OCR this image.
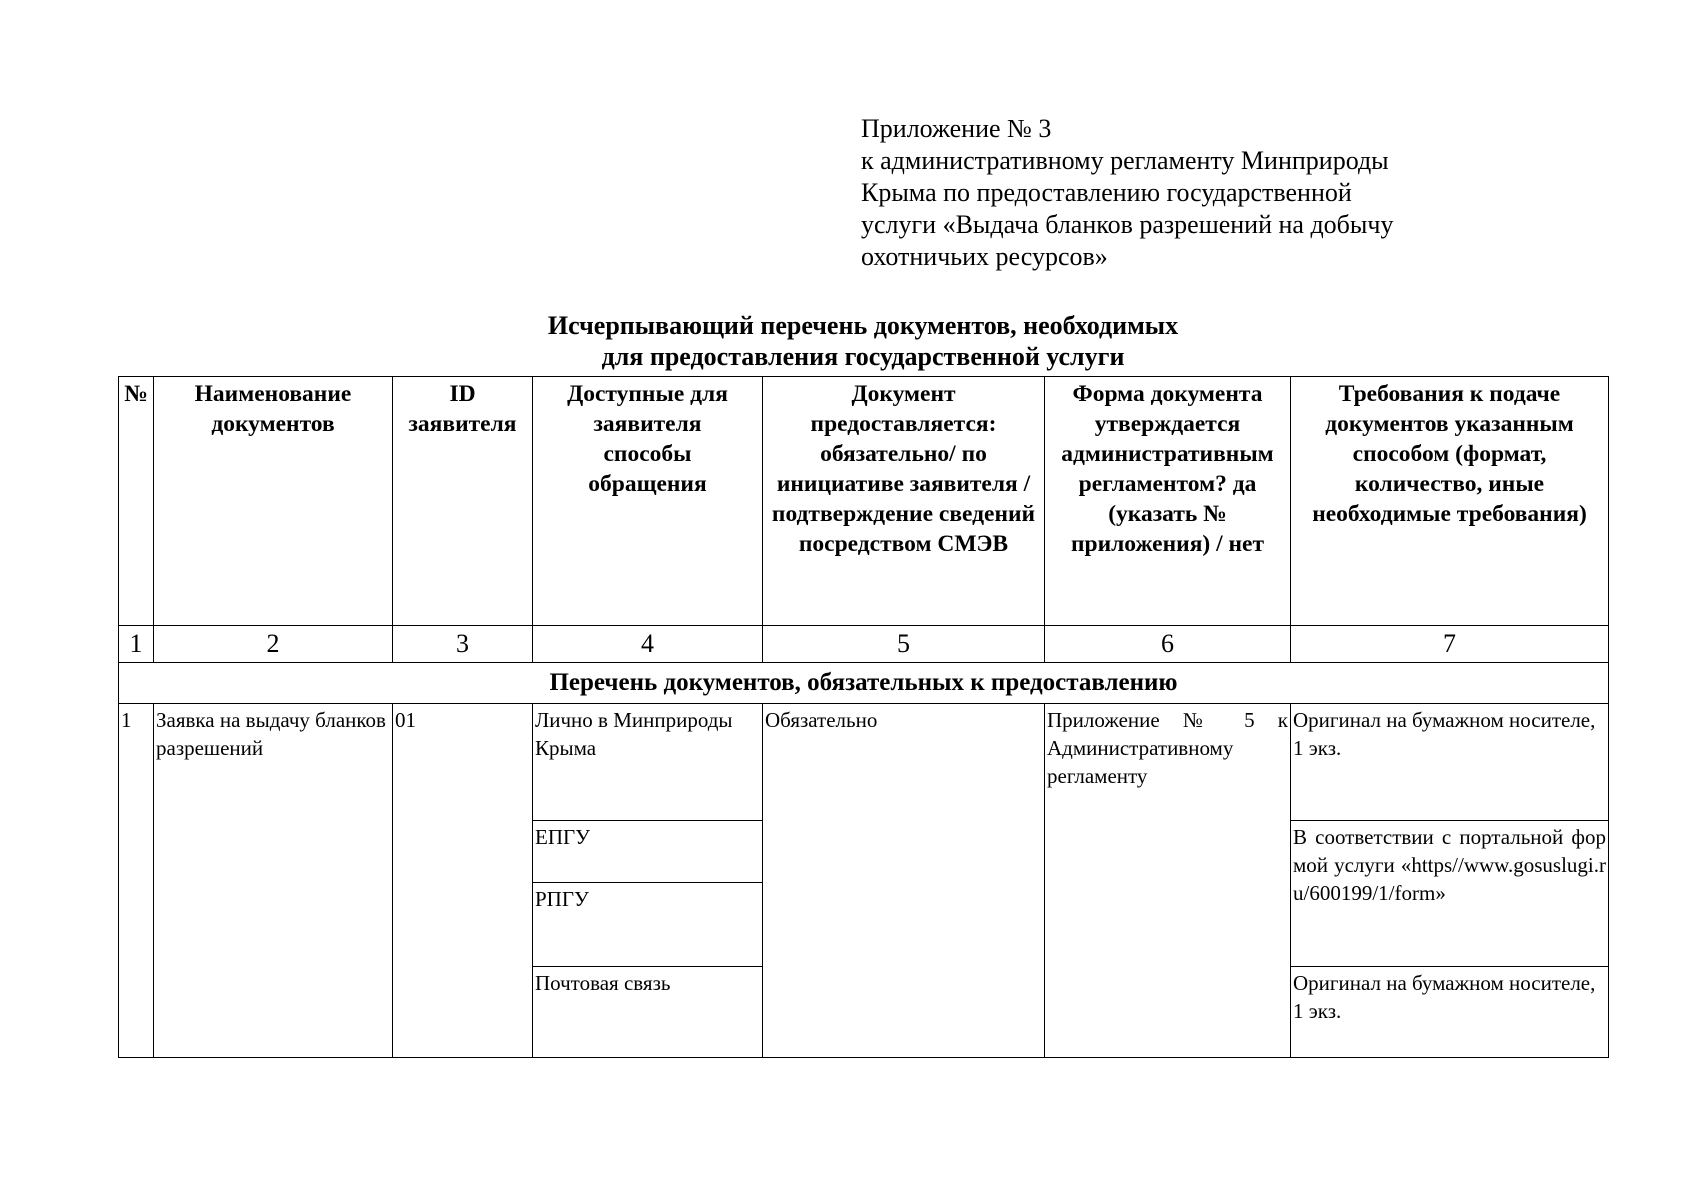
Приложение № 3
к административному регламенту Минприроды
Крыма по предоставлению государственной
услуги «Выдача бланков разрешений на добычу
охотничьих ресурсов»
Исчерпывающий перечень документов, необходимых
для предоставления государственной услуги
№	Наименование документов	ID заявителя	Доступные для заявителя способы обращения	Документ предоставляется: обязательно/ по инициативе заявителя /подтверждение сведений посредством СМЭВ	Форма документа утверждается административным регламентом? да (указать № приложения) / нет	Требования к подаче документов указанным способом (формат, количество, иные необходимые требования)
1	2	3	4	5	6	7
Перечень документов, обязательных к предоставлению						
1	Заявка на выдачу бланков разрешений	01	Лично в Минприроды Крыма	Обязательно	Приложение № 5 к Административному регламенту	Оригинал на бумажном носителе, 1 экз.
			ЕПГУ			В соответствии с портальной формой услуги «https//www.gosuslugi.ru/600199/1/form»
			РПГУ			
			Почтовая связь			Оригинал на бумажном носителе, 1 экз.
